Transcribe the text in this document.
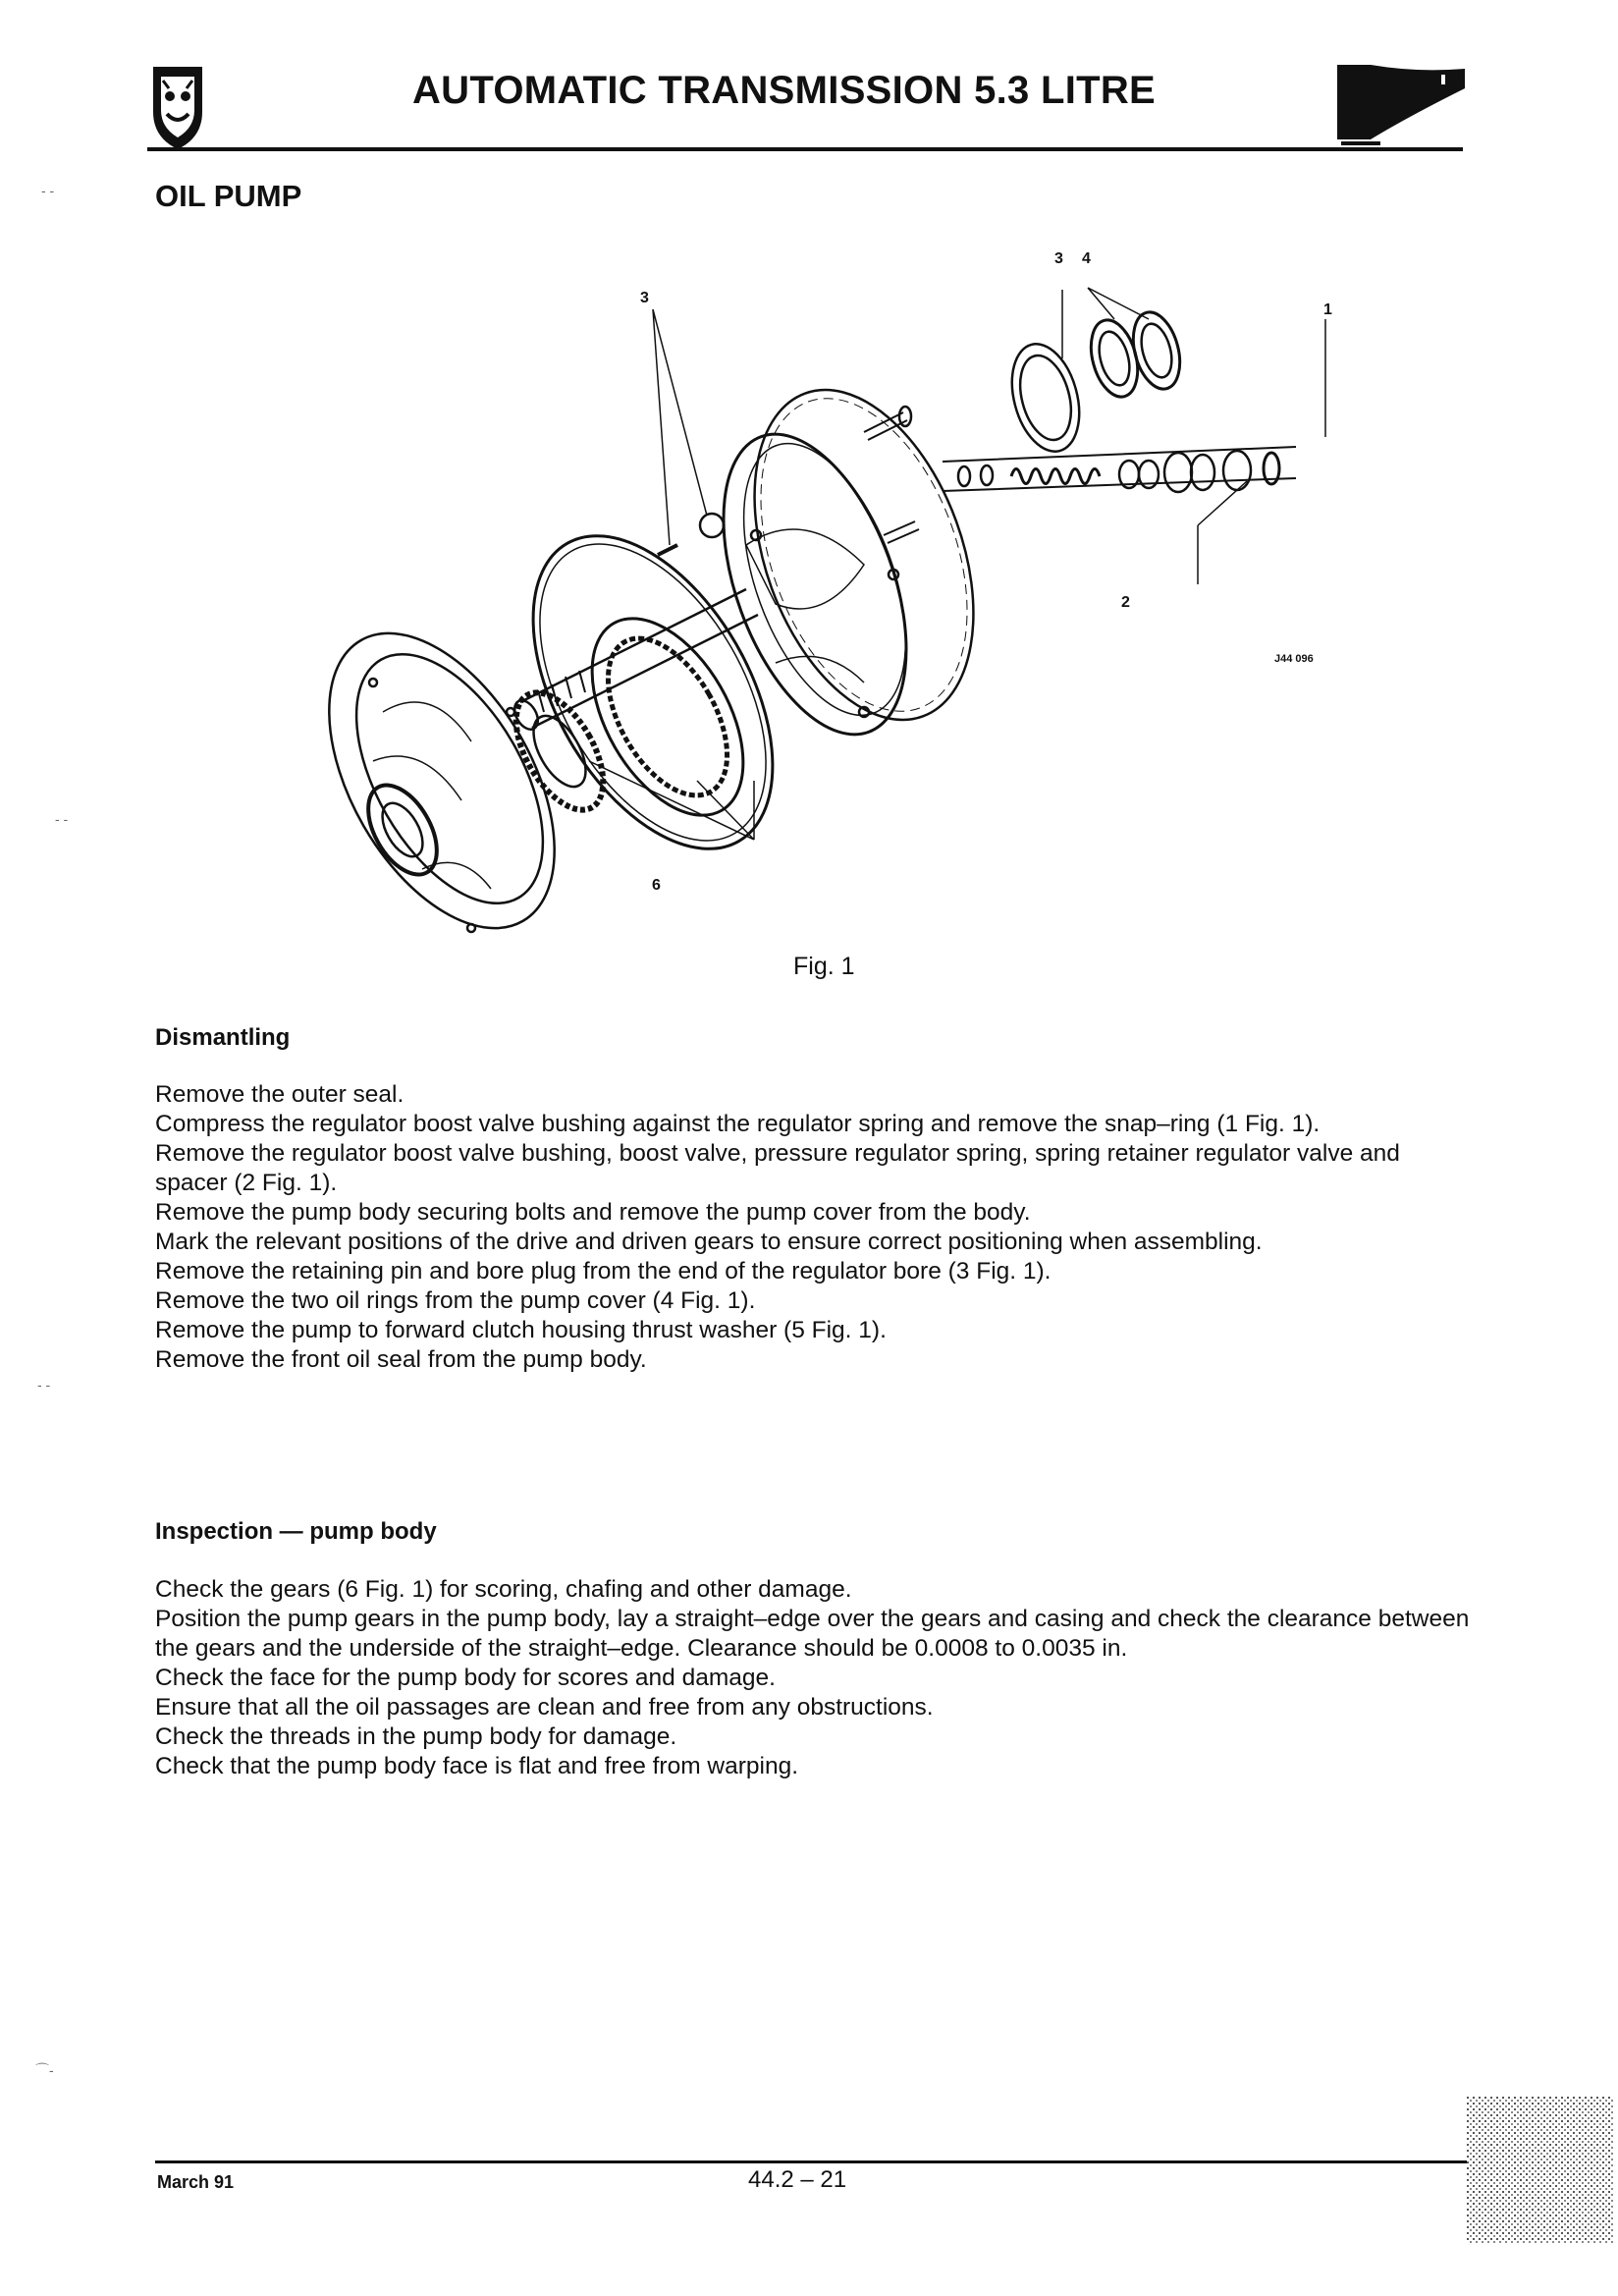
AUTOMATIC TRANSMISSION 5.3 LITRE
‐ ‐
‐ ‐
‐ ‐
⌒‐
OIL PUMP
3 4
1
3
2
6
J44 096
Fig. 1
Dismantling

Remove the outer seal.

Compress the regulator boost valve bushing against the regulator spring and remove the snap–ring (1 Fig. 1).

Remove the regulator boost valve bushing, boost valve, pressure regulator spring, spring retainer regulator valve and spacer (2 Fig. 1).

Remove the pump body securing bolts and remove the pump cover from the body.

Mark the relevant positions of the drive and driven gears to ensure correct positioning when assembling.

Remove the retaining pin and bore plug from the end of the regulator bore (3 Fig. 1).

Remove the two oil rings from the pump cover (4 Fig. 1).

Remove the pump to forward clutch housing thrust washer (5 Fig. 1).

Remove the front oil seal from the pump body.

Inspection — pump body

Check the gears (6 Fig. 1) for scoring, chafing and other damage.

Position the pump gears in the pump body, lay a straight–edge over the gears and casing and check the clearance between the gears and the underside of the straight–edge. Clearance should be 0.0008 to 0.0035 in.

Check the face for the pump body for scores and damage.

Ensure that all the oil passages are clean and free from any obstructions.

Check the threads in the pump body for damage.

Check that the pump body face is flat and free from warping.

March 91	44.2 – 21
